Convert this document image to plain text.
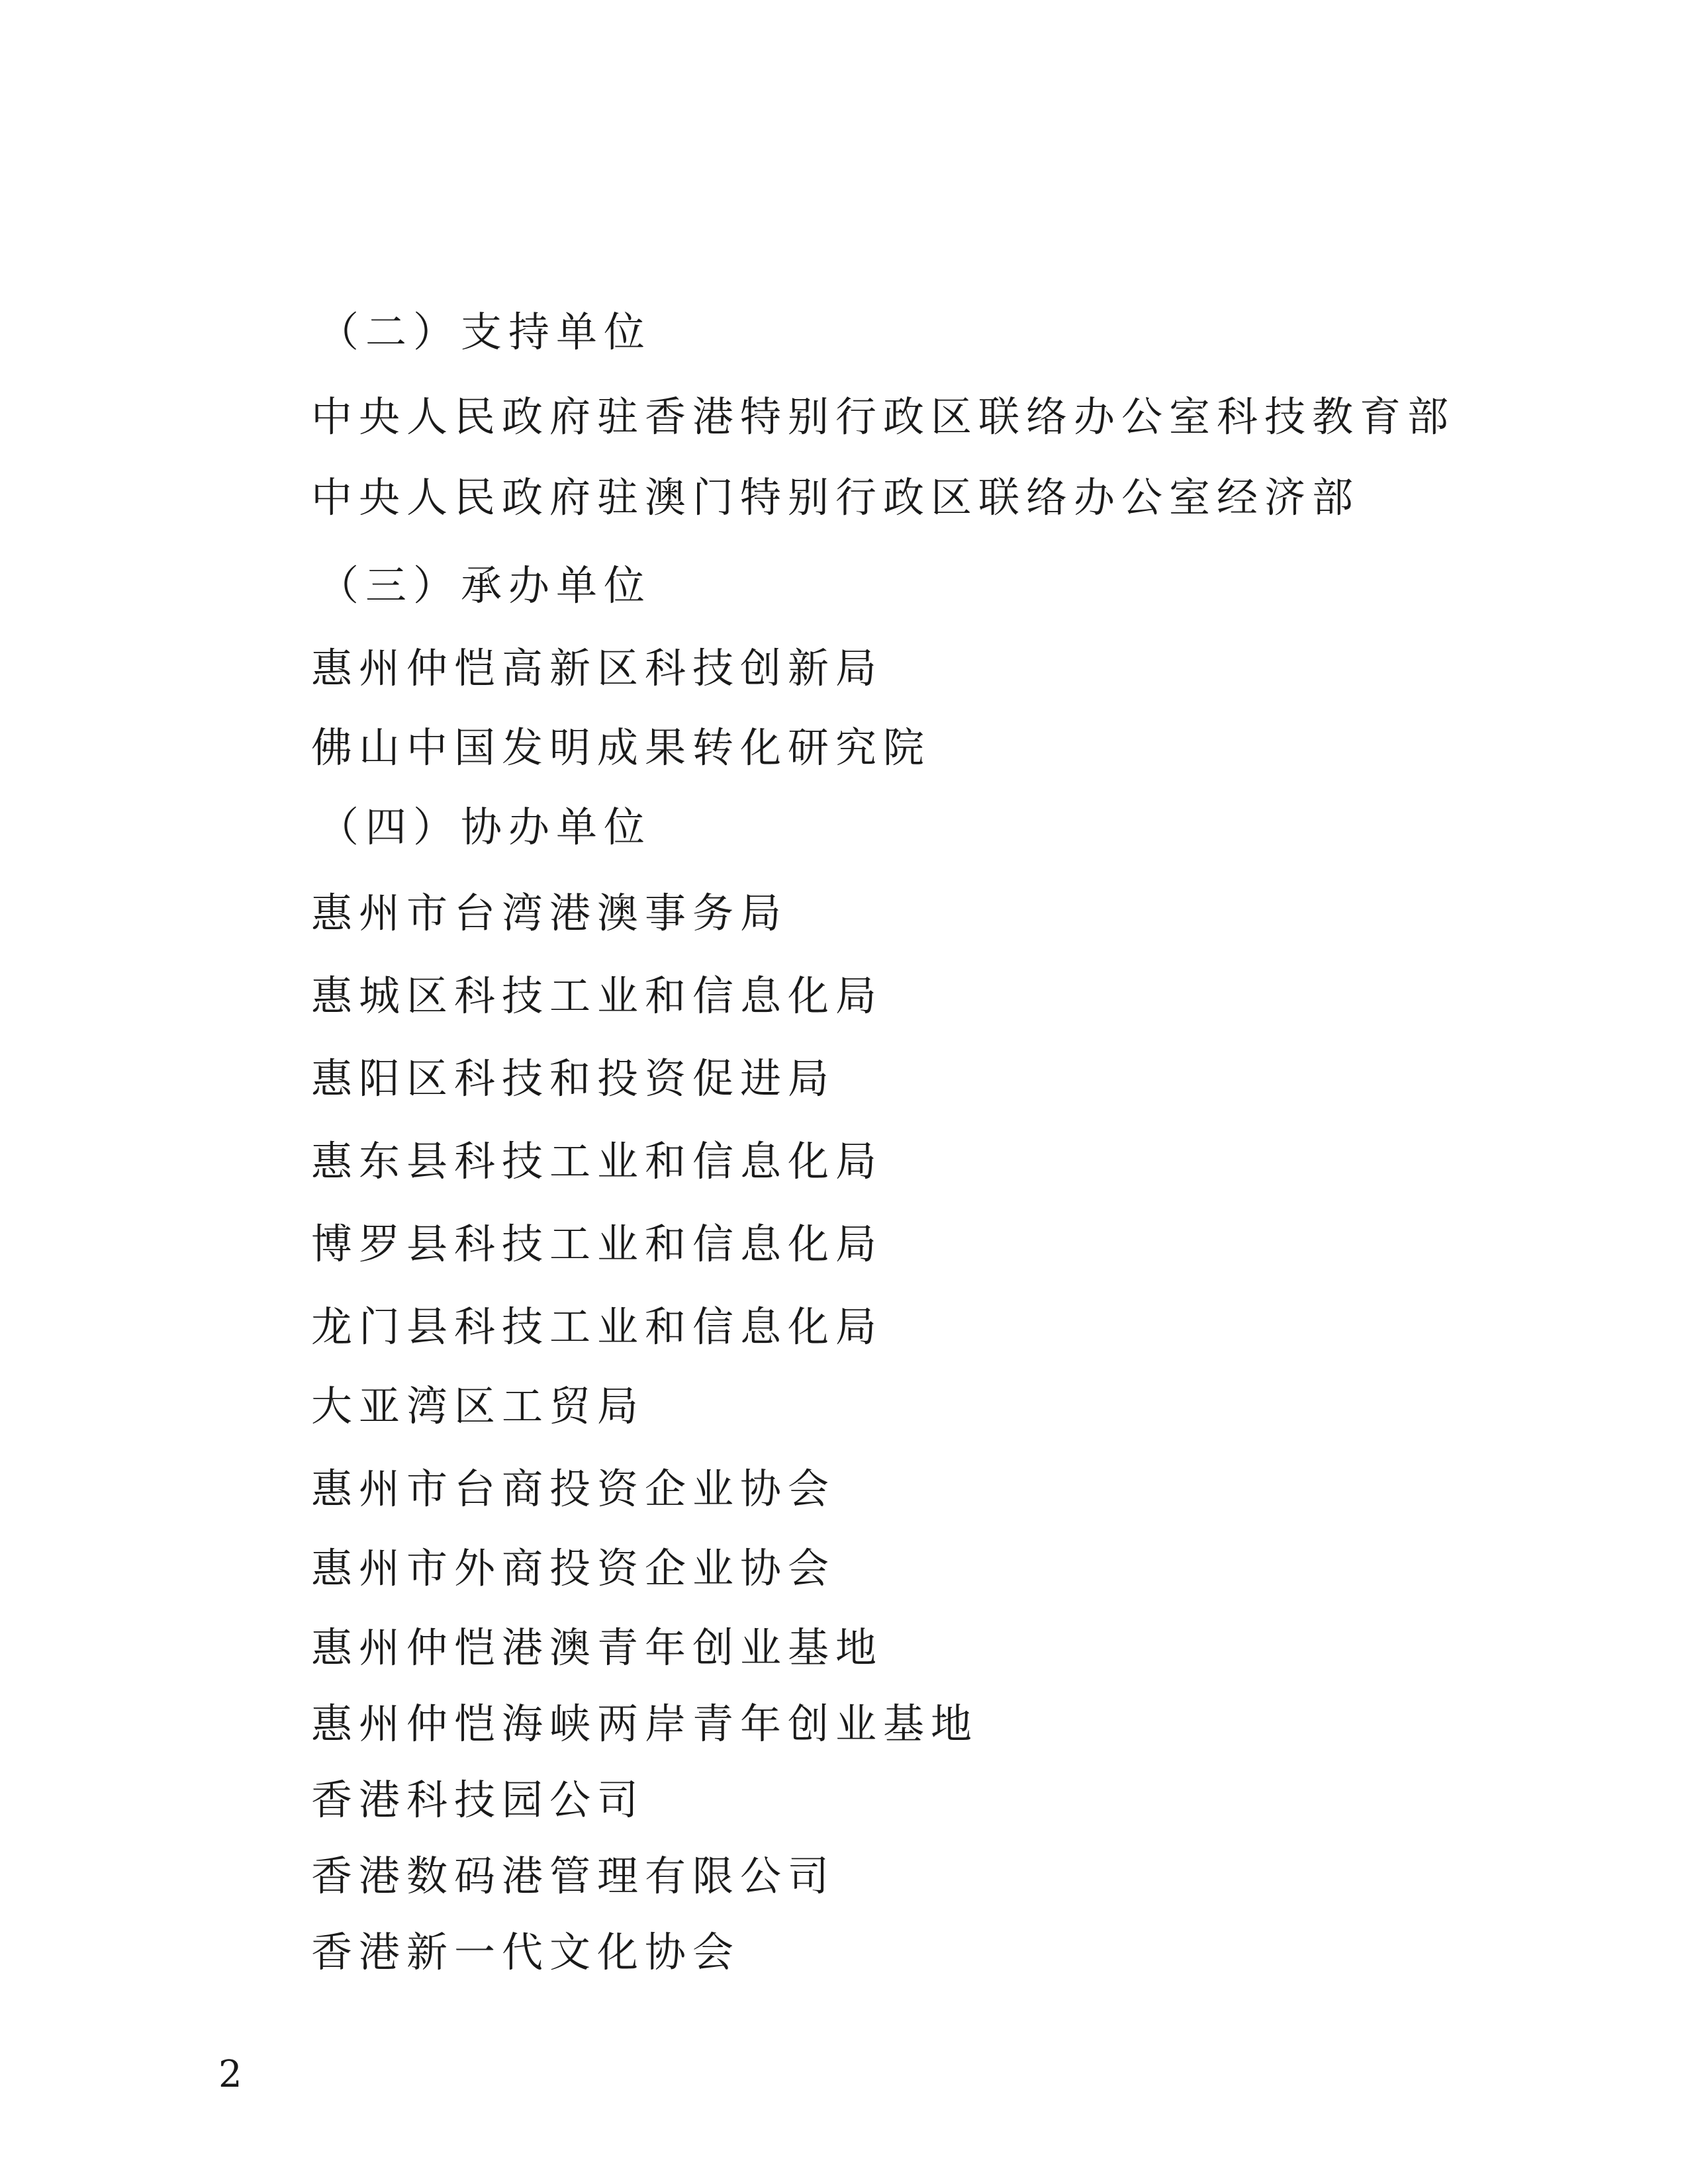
（二）支持单位
中央人民政府驻香港特别行政区联络办公室科技教育部
中央人民政府驻澳门特别行政区联络办公室经济部
（三）承办单位
惠州仲恺高新区科技创新局
佛山中国发明成果转化研究院
（四）协办单位
惠州市台湾港澳事务局
惠城区科技工业和信息化局
惠阳区科技和投资促进局
惠东县科技工业和信息化局
博罗县科技工业和信息化局
龙门县科技工业和信息化局
大亚湾区工贸局
惠州市台商投资企业协会
惠州市外商投资企业协会
惠州仲恺港澳青年创业基地
惠州仲恺海峡两岸青年创业基地
香港科技园公司
香港数码港管理有限公司
香港新一代文化协会
2
